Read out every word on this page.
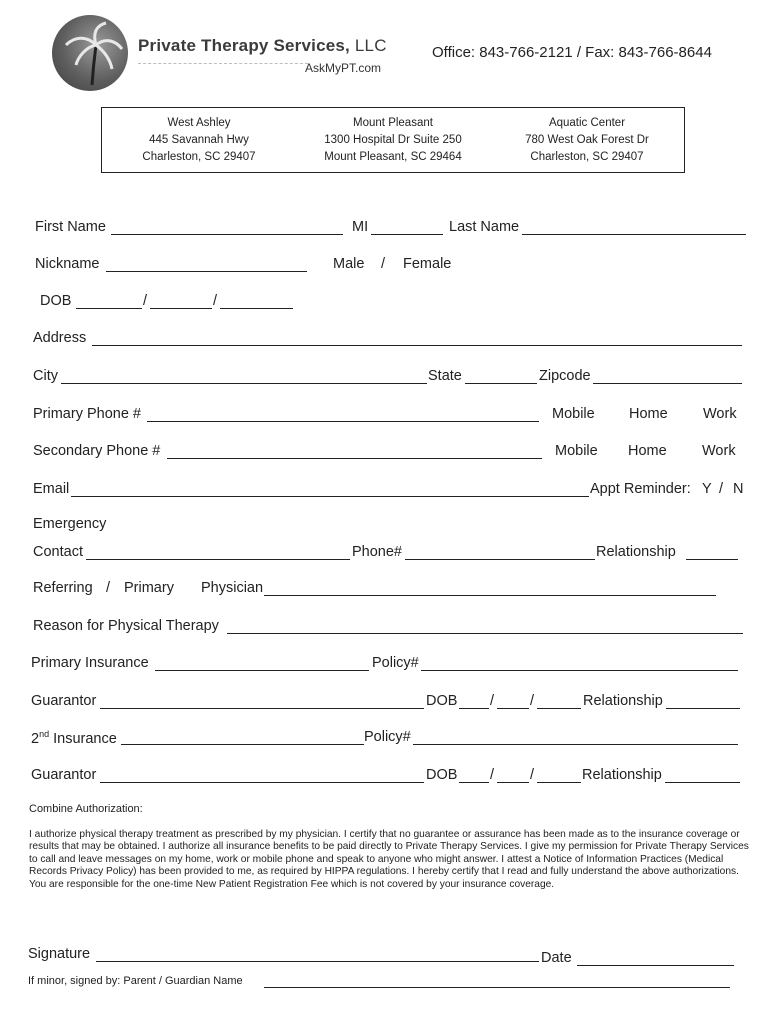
Private Therapy Services, LLC
AskMyPT.com
Office: 843-766-2121 / Fax: 843-766-8644
West Ashley
445 Savannah Hwy
Charleston, SC 29407
Mount Pleasant
1300 Hospital Dr Suite 250
Mount Pleasant, SC 29464
Aquatic Center
780 West Oak Forest Dr
Charleston, SC 29407
First Name	MI	Last Name
Nickname	Male / Female
DOB	/	/
Address
City	State	Zipcode
Primary Phone #	Mobile Home Work
Secondary Phone #	Mobile Home Work
Email	Appt Reminder: Y / N
Emergency
Contact	Phone#	Relationship
Referring / Primary Physician
Reason for Physical Therapy
Primary Insurance	Policy#
Guarantor	DOB / /	Relationship
2nd Insurance	Policy#
Guarantor	DOB / /	Relationship
Combine Authorization:
I authorize physical therapy treatment as prescribed by my physician. I certify that no guarantee or assurance has been made as to the insurance coverage or results that may be obtained. I authorize all insurance benefits to be paid directly to Private Therapy Services. I give my permission for Private Therapy Services to call and leave messages on my home, work or mobile phone and speak to anyone who might answer. I attest a Notice of Information Practices (Medical Records Privacy Policy) has been provided to me, as required by HIPPA regulations. I hereby certify that I read and fully understand the above authorizations. You are responsible for the one-time New Patient Registration Fee which is not covered by your insurance coverage.
Signature	Date
If minor, signed by: Parent / Guardian Name
